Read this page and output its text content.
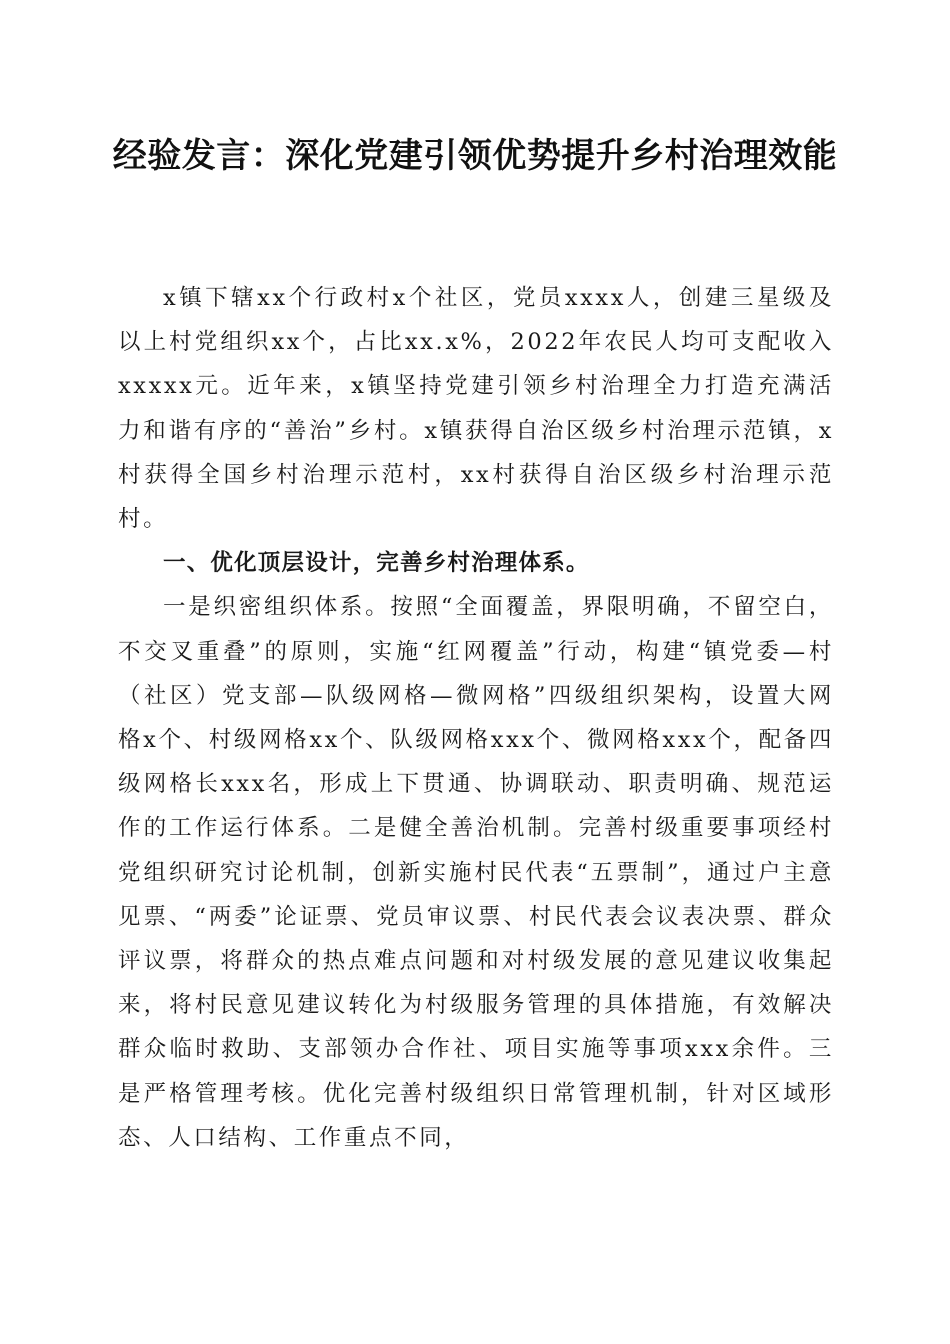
经验发言：深化党建引领优势提升乡村治理效能

x镇下辖xx个行政村x个社区，党员xxxx人，创建三星级及以上村党组织xx个，占比xx.x%，2022年农民人均可支配收入xxxxx元。近年来，x镇坚持党建引领乡村治理全力打造充满活力和谐有序的“善治”乡村。x镇获得自治区级乡村治理示范镇，x村获得全国乡村治理示范村，xx村获得自治区级乡村治理示范村。

一、优化顶层设计，完善乡村治理体系。

一是织密组织体系。按照“全面覆盖，界限明确，不留空白，不交叉重叠”的原则，实施“红网覆盖”行动，构建“镇党委—村（社区）党支部—队级网格—微网格”四级组织架构，设置大网格x个、村级网格xx个、队级网格xxx个、微网格xxx个，配备四级网格长xxx名，形成上下贯通、协调联动、职责明确、规范运作的工作运行体系。二是健全善治机制。完善村级重要事项经村党组织研究讨论机制，创新实施村民代表“五票制”，通过户主意见票、“两委”论证票、党员审议票、村民代表会议表决票、群众评议票，将群众的热点难点问题和对村级发展的意见建议收集起来，将村民意见建议转化为村级服务管理的具体措施，有效解决群众临时救助、支部领办合作社、项目实施等事项xxx余件。三是严格管理考核。优化完善村级组织日常管理机制，针对区域形态、人口结构、工作重点不同，
